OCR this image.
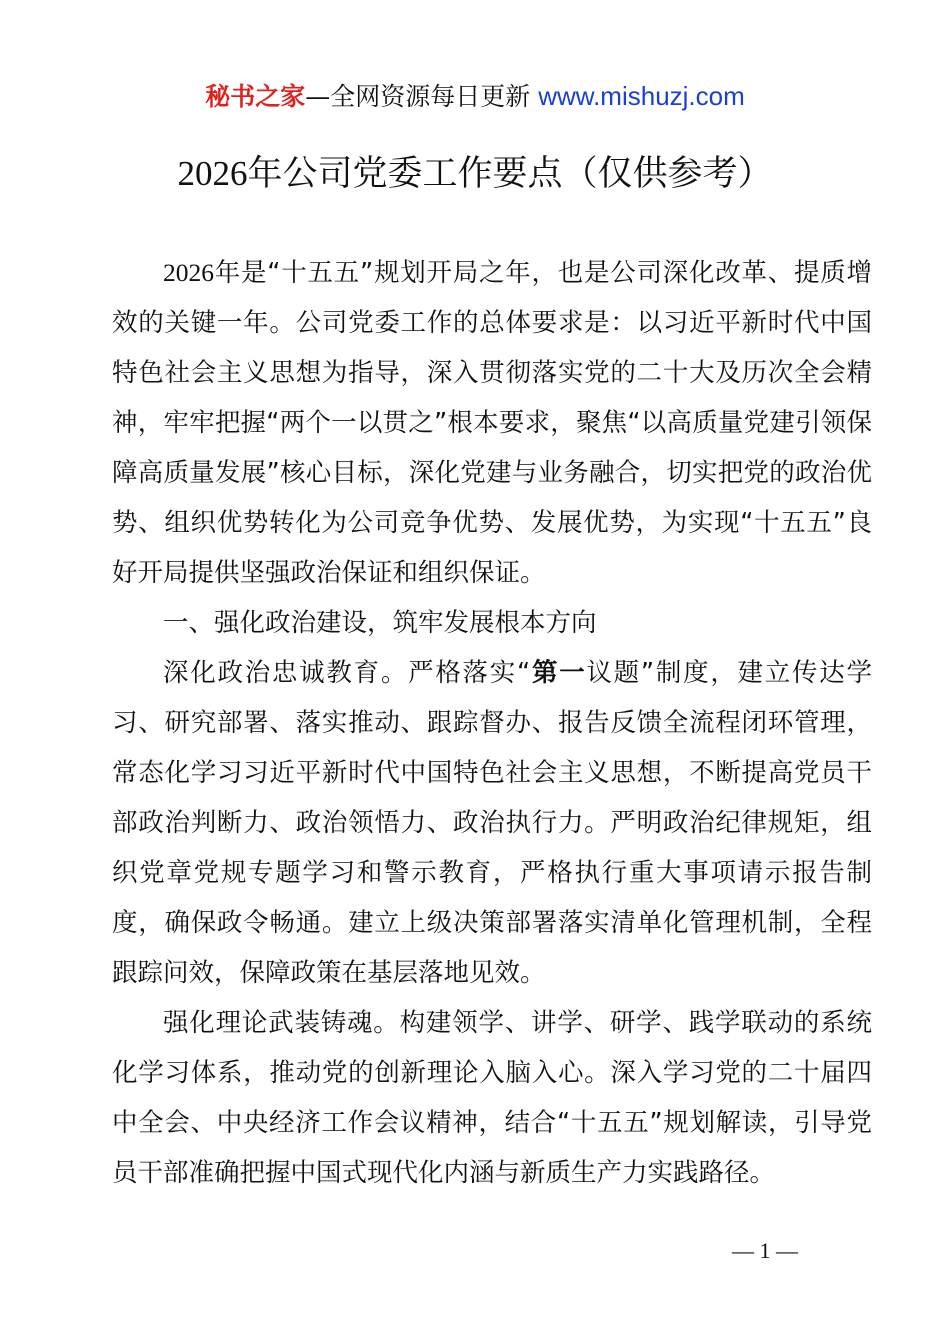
秘书之家—全网资源每日更新 www.mishuzj.com
2026年公司党委工作要点（仅供参考）

2026年是“十五五”规划开局之年，也是公司深化改革、提质增效的关键一年。公司党委工作的总体要求是：以习近平新时代中国特色社会主义思想为指导，深入贯彻落实党的二十大及历次全会精神，牢牢把握“两个一以贯之”根本要求，聚焦“以高质量党建引领保障高质量发展”核心目标，深化党建与业务融合，切实把党的政治优势、组织优势转化为公司竞争优势、发展优势，为实现“十五五”良好开局提供坚强政治保证和组织保证。

一、强化政治建设，筑牢发展根本方向

深化政治忠诚教育。严格落实“第一议题”制度，建立传达学习、研究部署、落实推动、跟踪督办、报告反馈全流程闭环管理，常态化学习习近平新时代中国特色社会主义思想，不断提高党员干部政治判断力、政治领悟力、政治执行力。严明政治纪律规矩，组织党章党规专题学习和警示教育，严格执行重大事项请示报告制度，确保政令畅通。建立上级决策部署落实清单化管理机制，全程跟踪问效，保障政策在基层落地见效。

强化理论武装铸魂。构建领学、讲学、研学、践学联动的系统化学习体系，推动党的创新理论入脑入心。深入学习党的二十届四中全会、中央经济工作会议精神，结合“十五五”规划解读，引导党员干部准确把握中国式现代化内涵与新质生产力实践路径。

— 1 —
